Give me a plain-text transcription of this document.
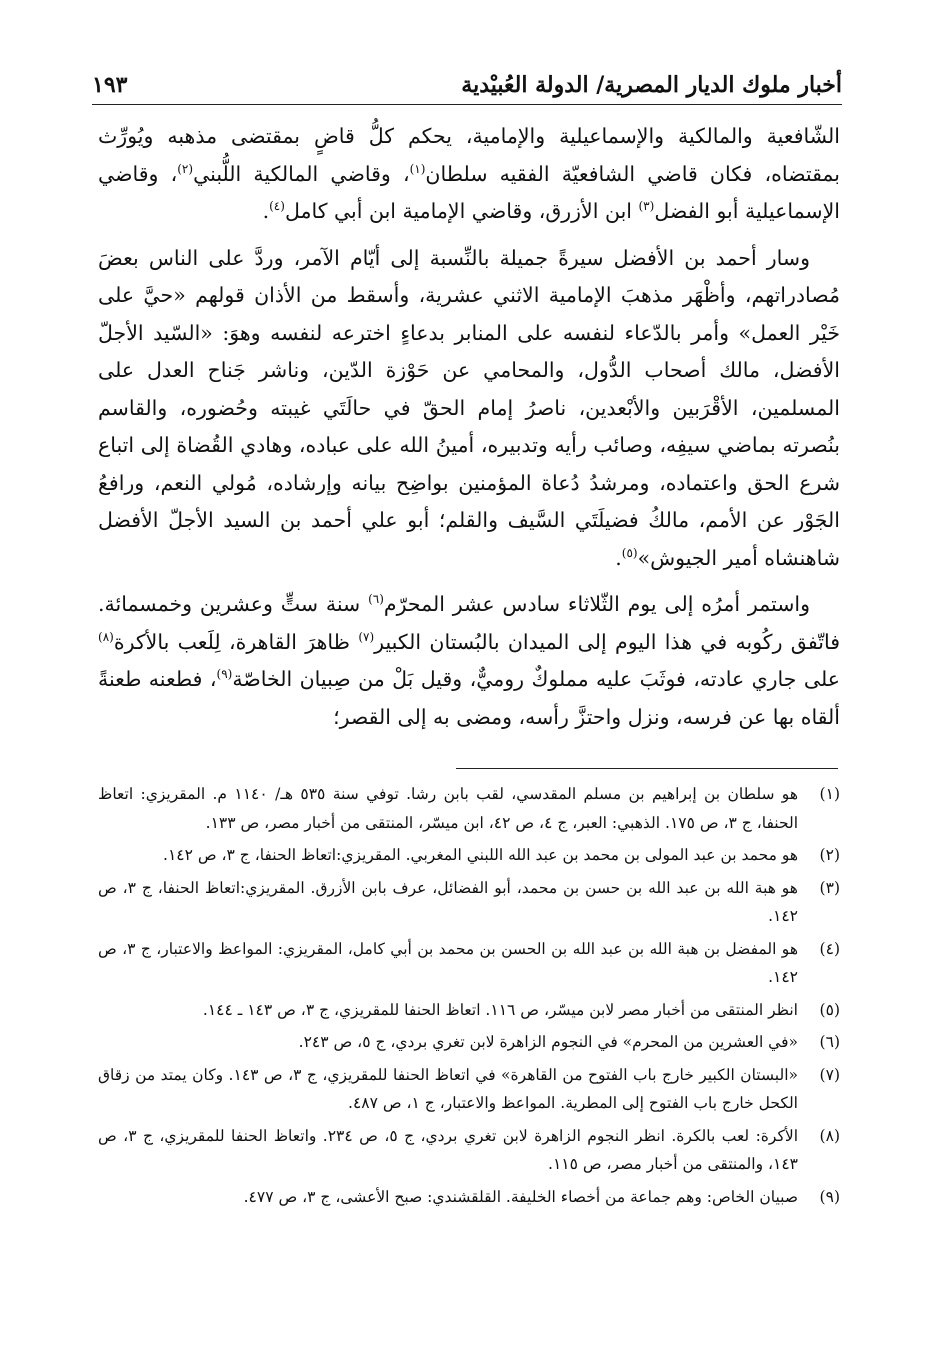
أخبار ملوك الديار المصرية/ الدولة العُبيْدية
١٩٣

الشّافعية والمالكية والإسماعيلية والإمامية، يحكم كلُّ قاضٍ بمقتضى مذهبه ويُورِّث بمقتضاه، فكان قاضي الشافعيّة الفقيه سلطان$^{(١)}$، وقاضي المالكية اللُّبني$^{(٢)}$، وقاضي الإسماعيلية أبو الفضل$^{(٣)}$ ابن الأزرق، وقاضي الإمامية ابن أبي كامل$^{(٤)}$.

وسار أحمد بن الأفضل سيرةً جميلة بالنِّسبة إلى أيّام الآمر، وردَّ على الناس بعضَ مُصادراتهم، وأظْهَر مذهبَ الإمامية الاثني عشرية، وأسقط من الأذان قولهم «حيَّ على خَيْر العمل» وأمر بالدّعاء لنفسه على المنابر بدعاءٍ اخترعه لنفسه وهوَ: «السّيد الأجلّ الأفضل، مالك أصحاب الدُّول، والمحامي عن حَوْزة الدّين، وناشر جَناح العدل على المسلمين، الأقْرَبين والأبْعدين، ناصرُ إمام الحقّ في حالَتَي غيبته وحُضوره، والقاسم بنُصرته بماضي سيفِه، وصائب رأيه وتدبيره، أمينُ الله على عباده، وهادي القُضاة إلى اتباع شرع الحق واعتماده، ومرشدُ دُعاة المؤمنين بواضِح بيانه وإرشاده، مُولي النعم، ورافعُ الجَوْر عن الأمم، مالكُ فضيلَتَي السَّيف والقلم؛ أبو علي أحمد بن السيد الأجلّ الأفضل شاهنشاه أمير الجيوش»$^{(٥)}$.

واستمر أمرُه إلى يوم الثّلاثاء سادس عشر المحرّم$^{(٦)}$ سنة ستٍّ وعشرين وخمسمائة. فاتّفق ركُوبه في هذا اليوم إلى الميدان بالبُستان الكبير$^{(٧)}$ ظاهرَ القاهرة، لِلَعب بالأكرة$^{(٨)}$ على جاري عادته، فوثَبَ عليه مملوكٌ روميٌّ، وقيل بَلْ من صِبيان الخاصّة$^{(٩)}$، فطعنه طعنةً ألقاه بها عن فرسه، ونزل واحتزَّ رأسه، ومضى به إلى القصر؛

(١)
هو سلطان بن إبراهيم بن مسلم المقدسي، لقب بابن رشا. توفي سنة ٥٣٥ هـ/ ١١٤٠ م. المقريزي: اتعاظ الحنفا، ج ٣، ص ١٧٥. الذهبي: العبر، ج ٤، ص ٤٢، ابن ميسّر، المنتقى من أخبار مصر، ص ١٣٣.
(٢)
هو محمد بن عبد المولى بن محمد بن عبد الله اللبني المغربي. المقريزي:اتعاظ الحنفا، ج ٣، ص ١٤٢.
(٣)
هو هبة الله بن عبد الله بن حسن بن محمد، أبو الفضائل، عرف بابن الأزرق. المقريزي:اتعاظ الحنفا، ج ٣، ص ١٤٢.
(٤)
هو المفضل بن هبة الله بن عبد الله بن الحسن بن محمد بن أبي كامل، المقريزي: المواعظ والاعتبار، ج ٣، ص ١٤٢.
(٥)
انظر المنتقى من أخبار مصر لابن ميسّر، ص ١١٦. اتعاظ الحنفا للمقريزي، ج ٣، ص ١٤٣ ـ ١٤٤.
(٦)
«في العشرين من المحرم» في النجوم الزاهرة لابن تغري بردي، ج ٥، ص ٢٤٣.
(٧)
«البستان الكبير خارج باب الفتوح من القاهرة» في اتعاظ الحنفا للمقريزي، ج ٣، ص ١٤٣. وكان يمتد من زقاق الكحل خارج باب الفتوح إلى المطرية. المواعظ والاعتبار، ج ١، ص ٤٨٧.
(٨)
الأكرة: لعب بالكرة. انظر النجوم الزاهرة لابن تغري بردي، ج ٥، ص ٢٣٤. واتعاظ الحنفا للمقريزي، ج ٣، ص ١٤٣، والمنتقى من أخبار مصر، ص ١١٥.
(٩)
صبيان الخاص: وهم جماعة من أخصاء الخليفة. القلقشندي: صبح الأعشى، ج ٣، ص ٤٧٧.
